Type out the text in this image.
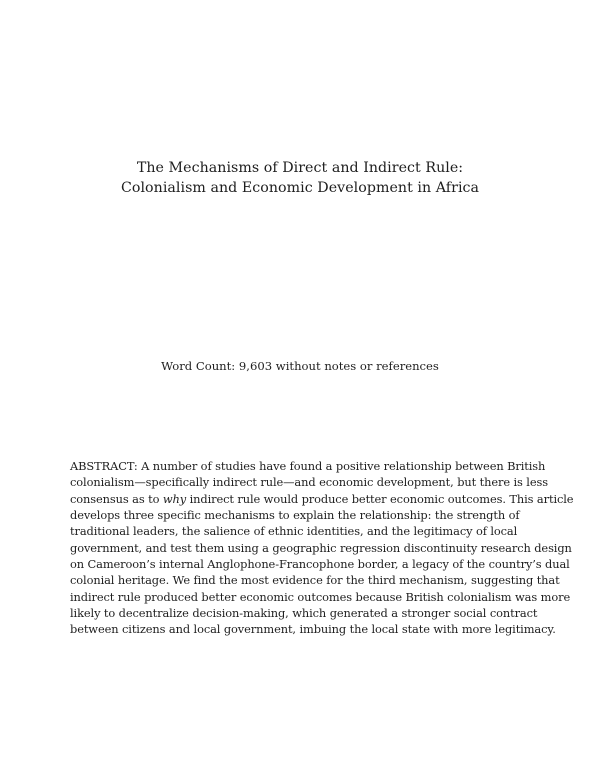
The Mechanisms of Direct and Indirect Rule:
Colonialism and Economic Development in Africa
Word Count: 9,603 without notes or references
ABSTRACT: A number of studies have found a positive relationship between British
colonialism—specifically indirect rule—and economic development, but there is less
consensus as to why indirect rule would produce better economic outcomes. This article
develops three specific mechanisms to explain the relationship: the strength of
traditional leaders, the salience of ethnic identities, and the legitimacy of local
government, and test them using a geographic regression discontinuity research design
on Cameroon’s internal Anglophone-Francophone border, a legacy of the country’s dual
colonial heritage. We find the most evidence for the third mechanism, suggesting that
indirect rule produced better economic outcomes because British colonialism was more
likely to decentralize decision-making, which generated a stronger social contract
between citizens and local government, imbuing the local state with more legitimacy.
